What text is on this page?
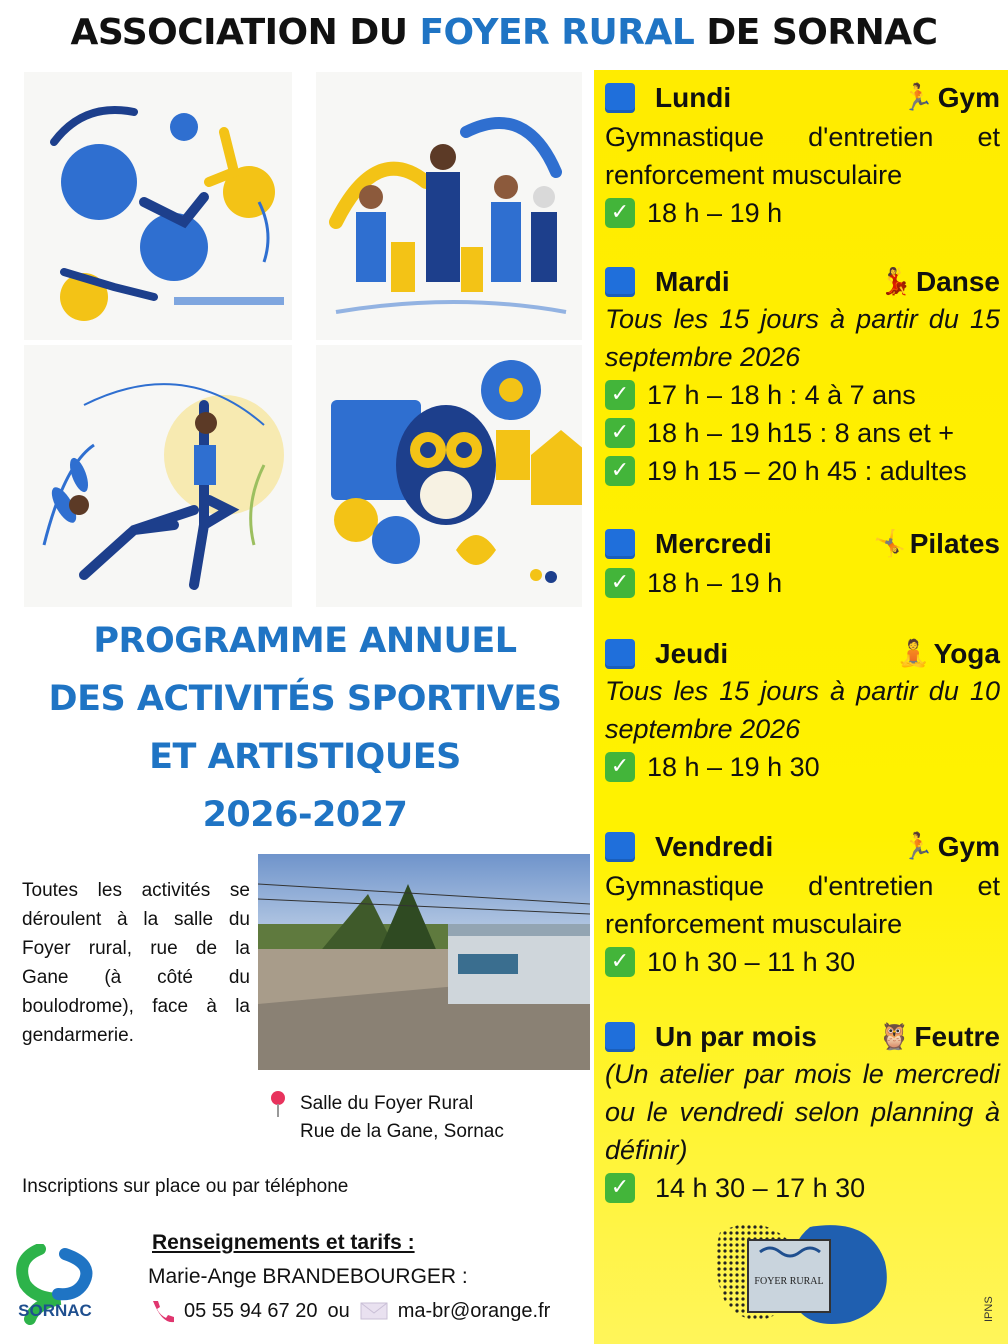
ASSOCIATION DU FOYER RURAL DE SORNAC
PROGRAMME ANNUEL
DES ACTIVITÉS SPORTIVES
ET ARTISTIQUES
2026-2027

Toutes les activités se déroulent à la salle du Foyer rural, rue de la Gane (à côté du boulodrome), face à la gendarmerie.

Salle du Foyer Rural
Rue de la Gane, Sornac
Inscriptions sur place ou par téléphone
Renseignements et tarifs :
Marie-Ange BRANDEBOURGER :
05 55 94 67 20 ou ma-br@orange.fr
SORNAC
Lundi	🏃 Gym
Gymnastique d'entretien et renforcement musculaire
✓ 18 h – 19 h
Mardi	💃 Danse
Tous les 15 jours à partir du 15 septembre 2026
✓ 17 h – 18 h : 4 à 7 ans
✓ 18 h – 19 h15 : 8 ans et +
✓ 19 h 15 – 20 h 45 : adultes
Mercredi	🤸 Pilates
✓ 18 h – 19 h
Jeudi	🧘 Yoga
Tous les 15 jours à partir du 10 septembre 2026
✓ 18 h – 19 h 30
Vendredi	🏃 Gym
Gymnastique d'entretien et renforcement musculaire
✓ 10 h 30 – 11 h 30
Un par mois	🦉 Feutre
(Un atelier par mois le mercredi ou le vendredi selon planning à définir)
✓ 14 h 30 – 17 h 30
FOYER RURAL
IPNS
